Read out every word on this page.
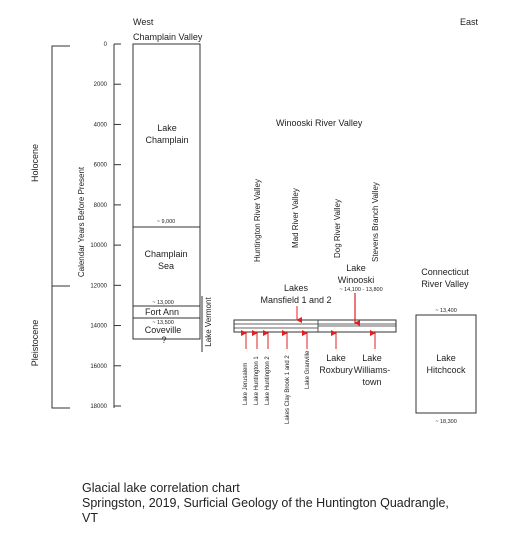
West
Champlain Valley
East
Winooski River Valley
Holocene
Pleistocene
Calendar Years Before Present
0
2000
4000
6000
8000
10000
12000
14000
16000
18000
Lake
Champlain
~ 9,000
Champlain
Sea
~ 13,000
Fort Ann
~ 13,500
Coveville
?	Lake Vermont
Huntington River Valley	Mad River Valley	Dog River Valley	Stevens Branch Valley
Lakes
Mansfield 1 and 2
Lake
Winooski
~ 14,100 - 13,800
Lake Jerusalem Lake Huntington 1 Lake Huntington 2 Lakes Clay Brook 1 and 2 Lake Granville Lake
Roxbury
Lake
Williams-
town
Connecticut
River Valley
~ 13,400
Lake
Hitchcock
~ 18,300
Glacial lake correlation chart
Springston, 2019, Surficial Geology of the Huntington Quadrangle,
VT
